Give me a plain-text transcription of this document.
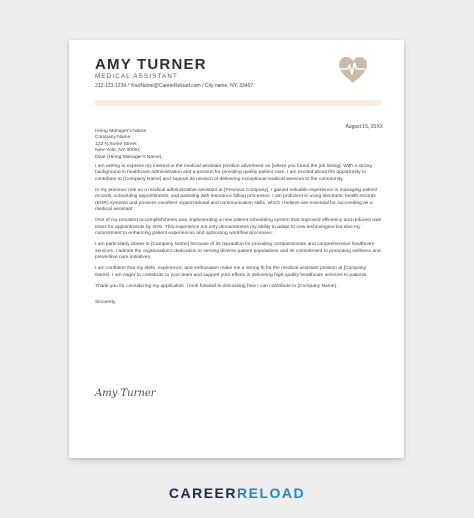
AMY TURNER
MEDICAL ASSISTANT
212-123-1234 / YourName@CareerReload.com / City name, NY, 33407
August 15, 20XX
Hiring Manager's Name
Company Name
123 N Some Street
New York, NY 30001
Dear {Hiring Manager's Name},

I am writing to express my interest in the medical assistant position advertised on [where you found the job listing]. With a strong background in healthcare administration and a passion for providing quality patient care, I am excited about the opportunity to contribute to [Company Name] and support its mission of delivering exceptional medical services to the community.

In my previous role as a medical administrative assistant at [Previous Company], I gained valuable experience in managing patient records, scheduling appointments, and assisting with insurance billing processes. I am proficient in using electronic health records (EHR) systems and possess excellent organizational and communication skills, which I believe are essential for succeeding as a medical assistant.

One of my proudest accomplishments was implementing a new patient scheduling system that improved efficiency and reduced wait times for appointments by 20%. This experience not only demonstrates my ability to adapt to new technologies but also my commitment to enhancing patient experiences and optimizing workflow processes.

I am particularly drawn to [Company Name] because of its reputation for providing compassionate and comprehensive healthcare services. I admire the organization's dedication to serving diverse patient populations and its commitment to promoting wellness and preventive care initiatives.

I am confident that my skills, experience, and enthusiasm make me a strong fit for the medical assistant position at [Company Name]. I am eager to contribute to your team and support your efforts in delivering high-quality healthcare services to patients.

Thank you for considering my application. I look forward to discussing how I can contribute to {Company Name}.

Sincerely,

Amy Turner
CAREERRELOAD
